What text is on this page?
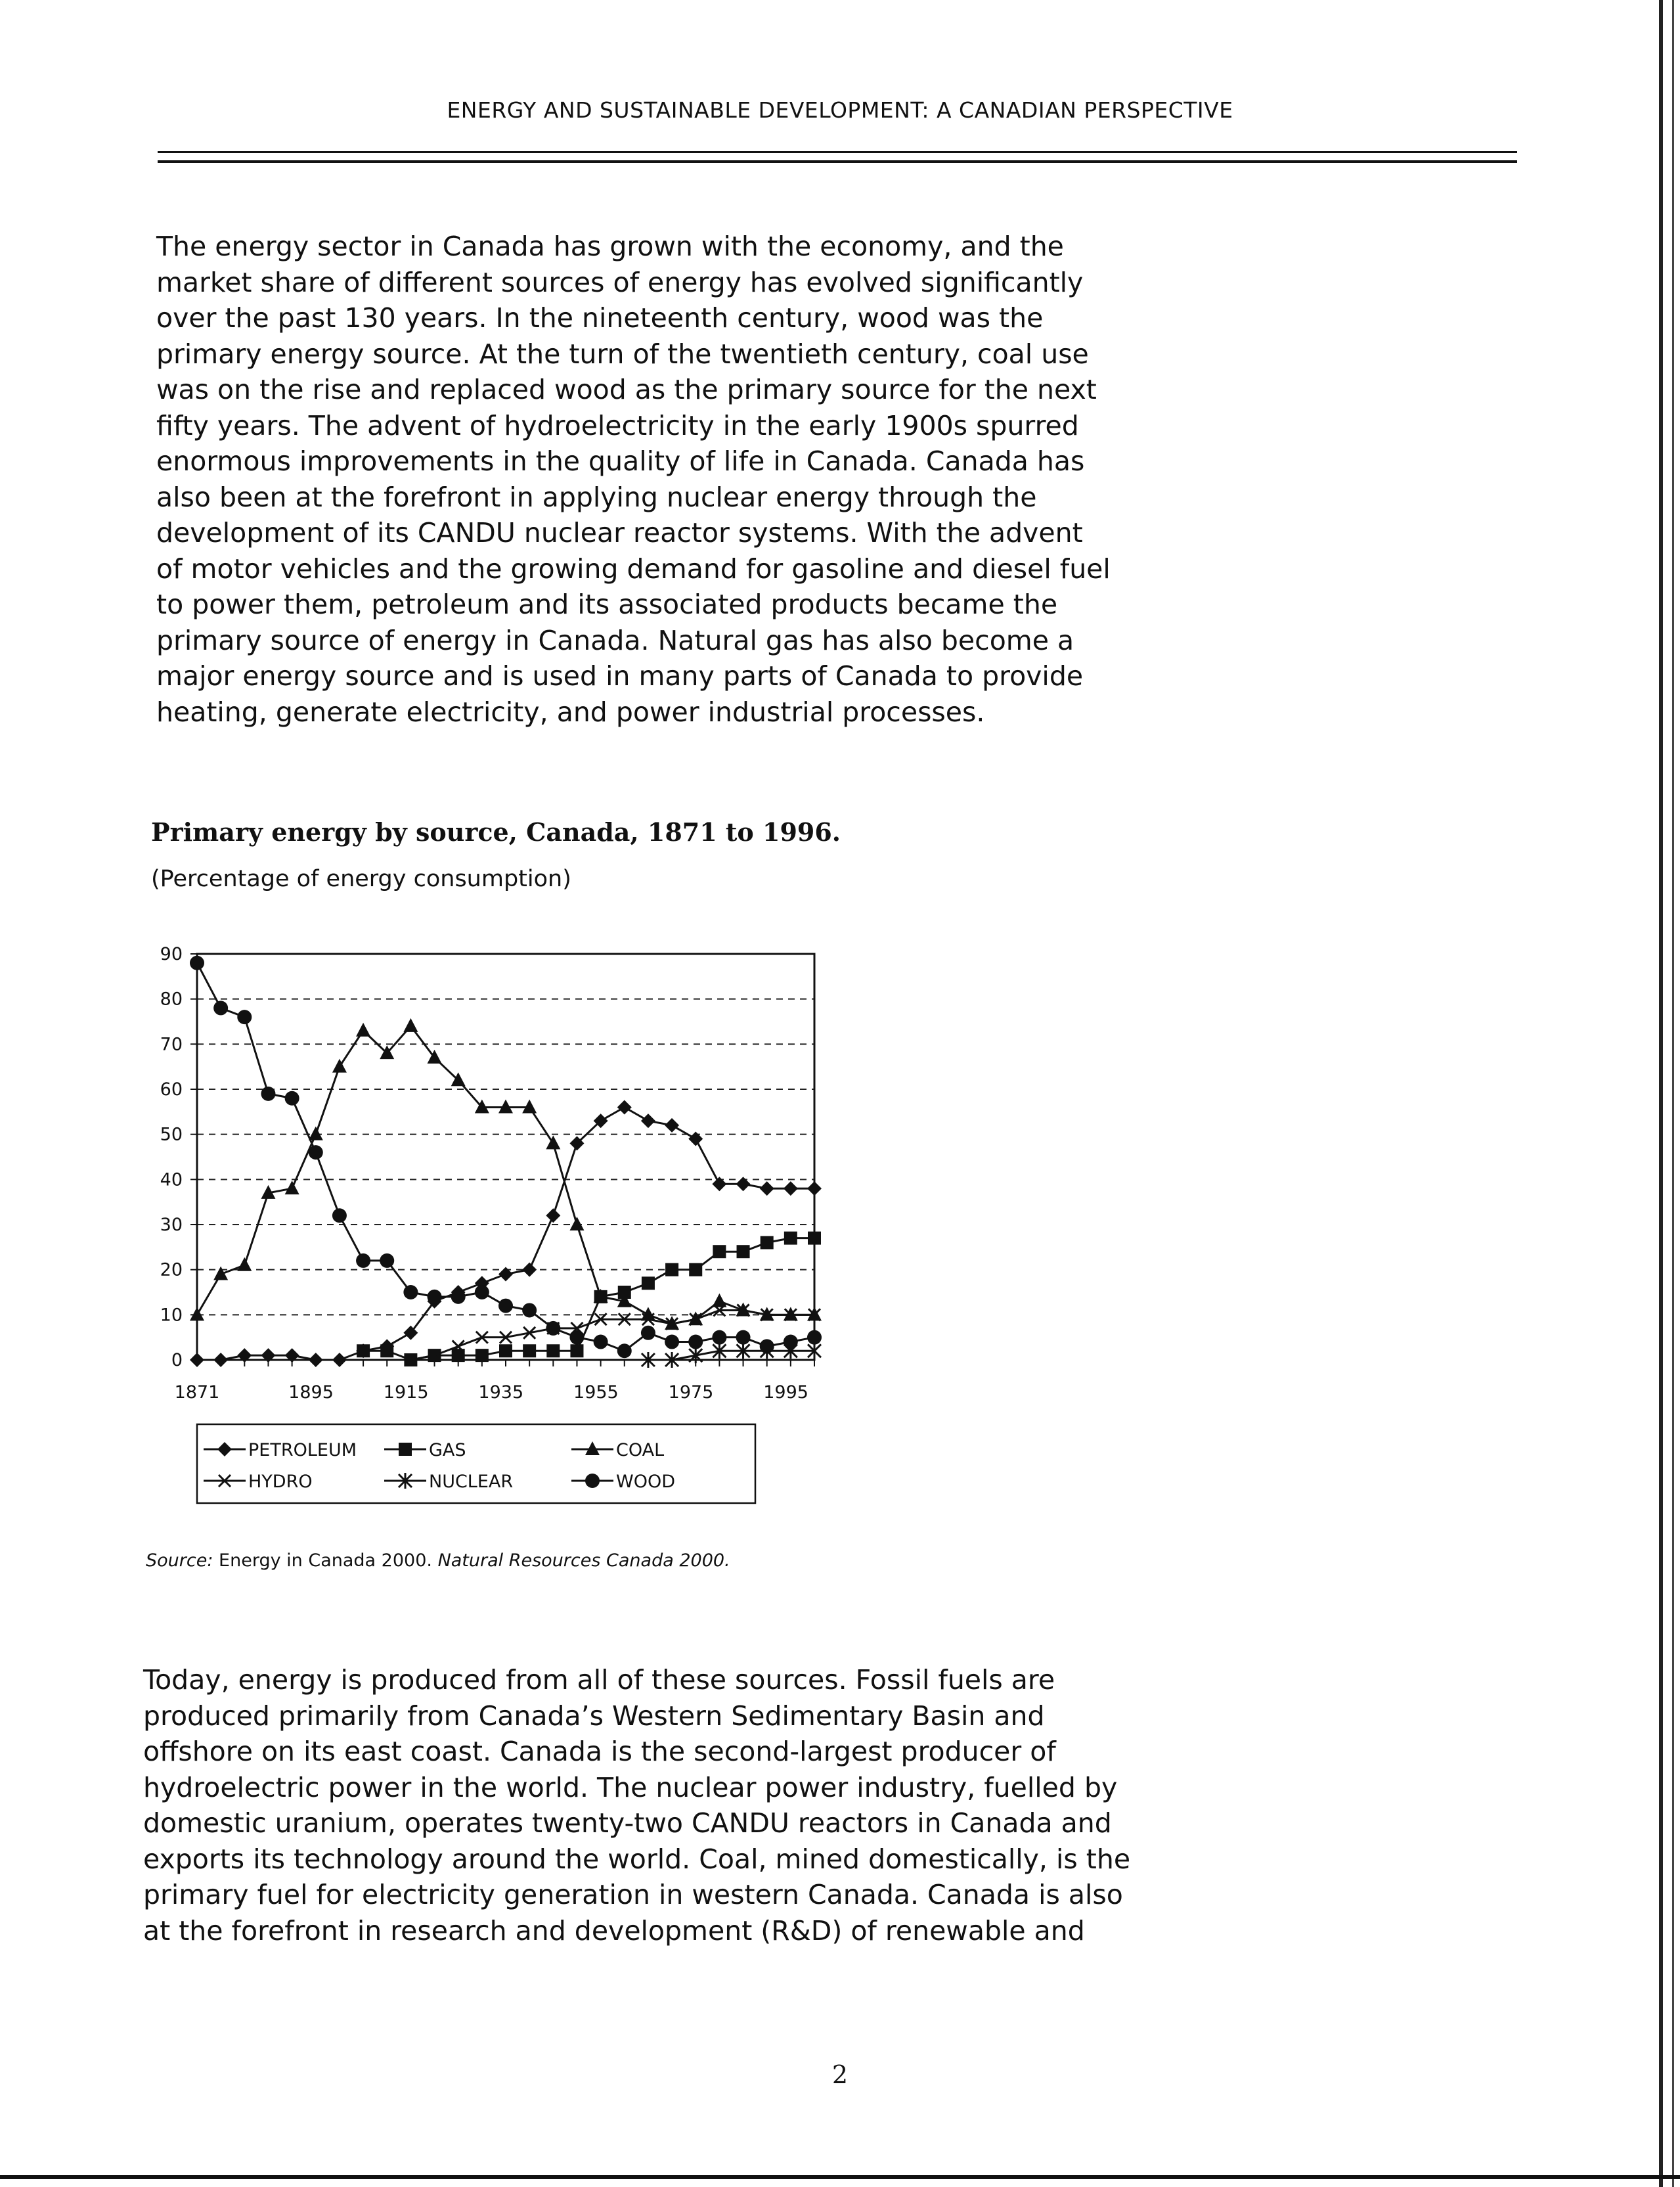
ENERGY AND SUSTAINABLE DEVELOPMENT: A CANADIAN PERSPECTIVE
The energy sector in Canada has grown with the economy, and the
market share of different sources of energy has evolved significantly
over the past 130 years. In the nineteenth century, wood was the
primary energy source. At the turn of the twentieth century, coal use
was on the rise and replaced wood as the primary source for the next
fifty years. The advent of hydroelectricity in the early 1900s spurred
enormous improvements in the quality of life in Canada. Canada has
also been at the forefront in applying nuclear energy through the
development of its CANDU nuclear reactor systems. With the advent
of motor vehicles and the growing demand for gasoline and diesel fuel
to power them, petroleum and its associated products became the
primary source of energy in Canada. Natural gas has also become a
major energy source and is used in many parts of Canada to provide
heating, generate electricity, and power industrial processes.
Primary energy by source, Canada, 1871 to 1996.
(Percentage of energy consumption)
0
10
20
30
40
50
60
70
80
90
1871	1895	1915	1935	1955	1975	1995
PETROLEUM	GAS	COAL
HYDRO	NUCLEAR	WOOD
Source: Energy in Canada 2000. Natural Resources Canada 2000.
Today, energy is produced from all of these sources. Fossil fuels are
produced primarily from Canada’s Western Sedimentary Basin and
offshore on its east coast. Canada is the second-largest producer of
hydroelectric power in the world. The nuclear power industry, fuelled by
domestic uranium, operates twenty-two CANDU reactors in Canada and
exports its technology around the world. Coal, mined domestically, is the
primary fuel for electricity generation in western Canada. Canada is also
at the forefront in research and development (R&D) of renewable and
2
